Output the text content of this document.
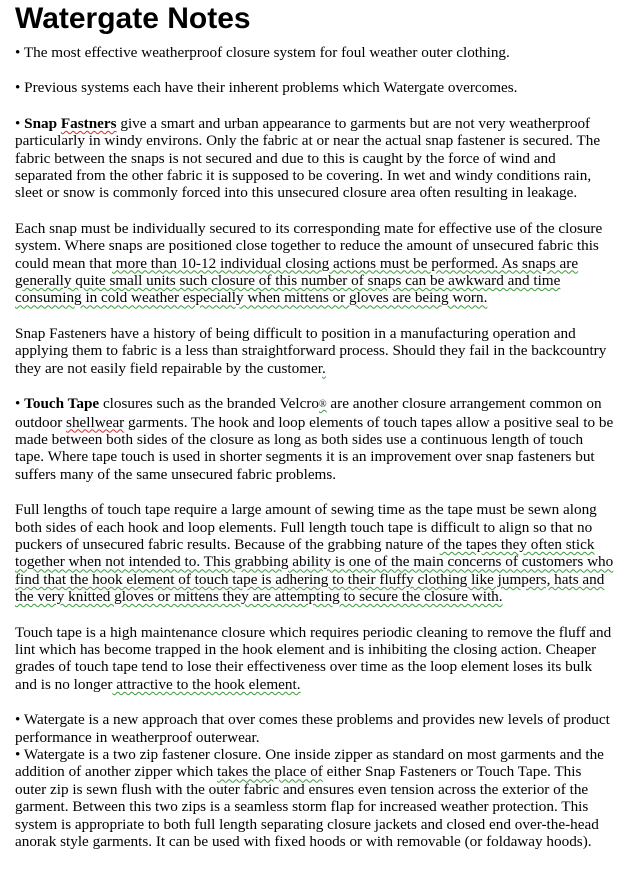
Watergate Notes

• The most effective weatherproof closure system for foul weather outer clothing.

• Previous systems each have their inherent problems which Watergate overcomes.

• Snap Fastners give a smart and urban appearance to garments but are not very weatherproof particularly in windy environs. Only the fabric at or near the actual snap fastener is secured. The fabric between the snaps is not secured and due to this is caught by the force of wind and separated from the other fabric it is supposed to be covering. In wet and windy conditions rain, sleet or snow is commonly forced into this unsecured closure area often resulting in leakage.

Each snap must be individually secured to its corresponding mate for effective use of the closure system. Where snaps are positioned close together to reduce the amount of unsecured fabric this could mean that more than 10-12 individual closing actions must be performed. As snaps are generally quite small units such closure of this number of snaps can be awkward and time consuming in cold weather especially when mittens or gloves are being worn.

Snap Fasteners have a history of being difficult to position in a manufacturing operation and applying them to fabric is a less than straightforward process. Should they fail in the backcountry they are not easily field repairable by the customer.

• Touch Tape closures such as the branded Velcro® are another closure arrangement common on outdoor shellwear garments. The hook and loop elements of touch tapes allow a positive seal to be made between both sides of the closure as long as both sides use a continuous length of touch tape. Where tape touch is used in shorter segments it is an improvement over snap fasteners but suffers many of the same unsecured fabric problems.

Full lengths of touch tape require a large amount of sewing time as the tape must be sewn along both sides of each hook and loop elements. Full length touch tape is difficult to align so that no puckers of unsecured fabric results. Because of the grabbing nature of the tapes they often stick together when not intended to. This grabbing ability is one of the main concerns of customers who find that the hook element of touch tape is adhering to their fluffy clothing like jumpers, hats and the very knitted gloves or mittens they are attempting to secure the closure with.

Touch tape is a high maintenance closure which requires periodic cleaning to remove the fluff and lint which has become trapped in the hook element and is inhibiting the closing action. Cheaper grades of touch tape tend to lose their effectiveness over time as the loop element loses its bulk and is no longer attractive to the hook element.

• Watergate is a new approach that over comes these problems and provides new levels of product performance in weatherproof outerwear.

• Watergate is a two zip fastener closure. One inside zipper as standard on most garments and the addition of another zipper which takes the place of either Snap Fasteners or Touch Tape. This outer zip is sewn flush with the outer fabric and ensures even tension across the exterior of the garment. Between this two zips is a seamless storm flap for increased weather protection. This system is appropriate to both full length separating closure jackets and closed end over-the-head anorak style garments. It can be used with fixed hoods or with removable (or foldaway hoods).
